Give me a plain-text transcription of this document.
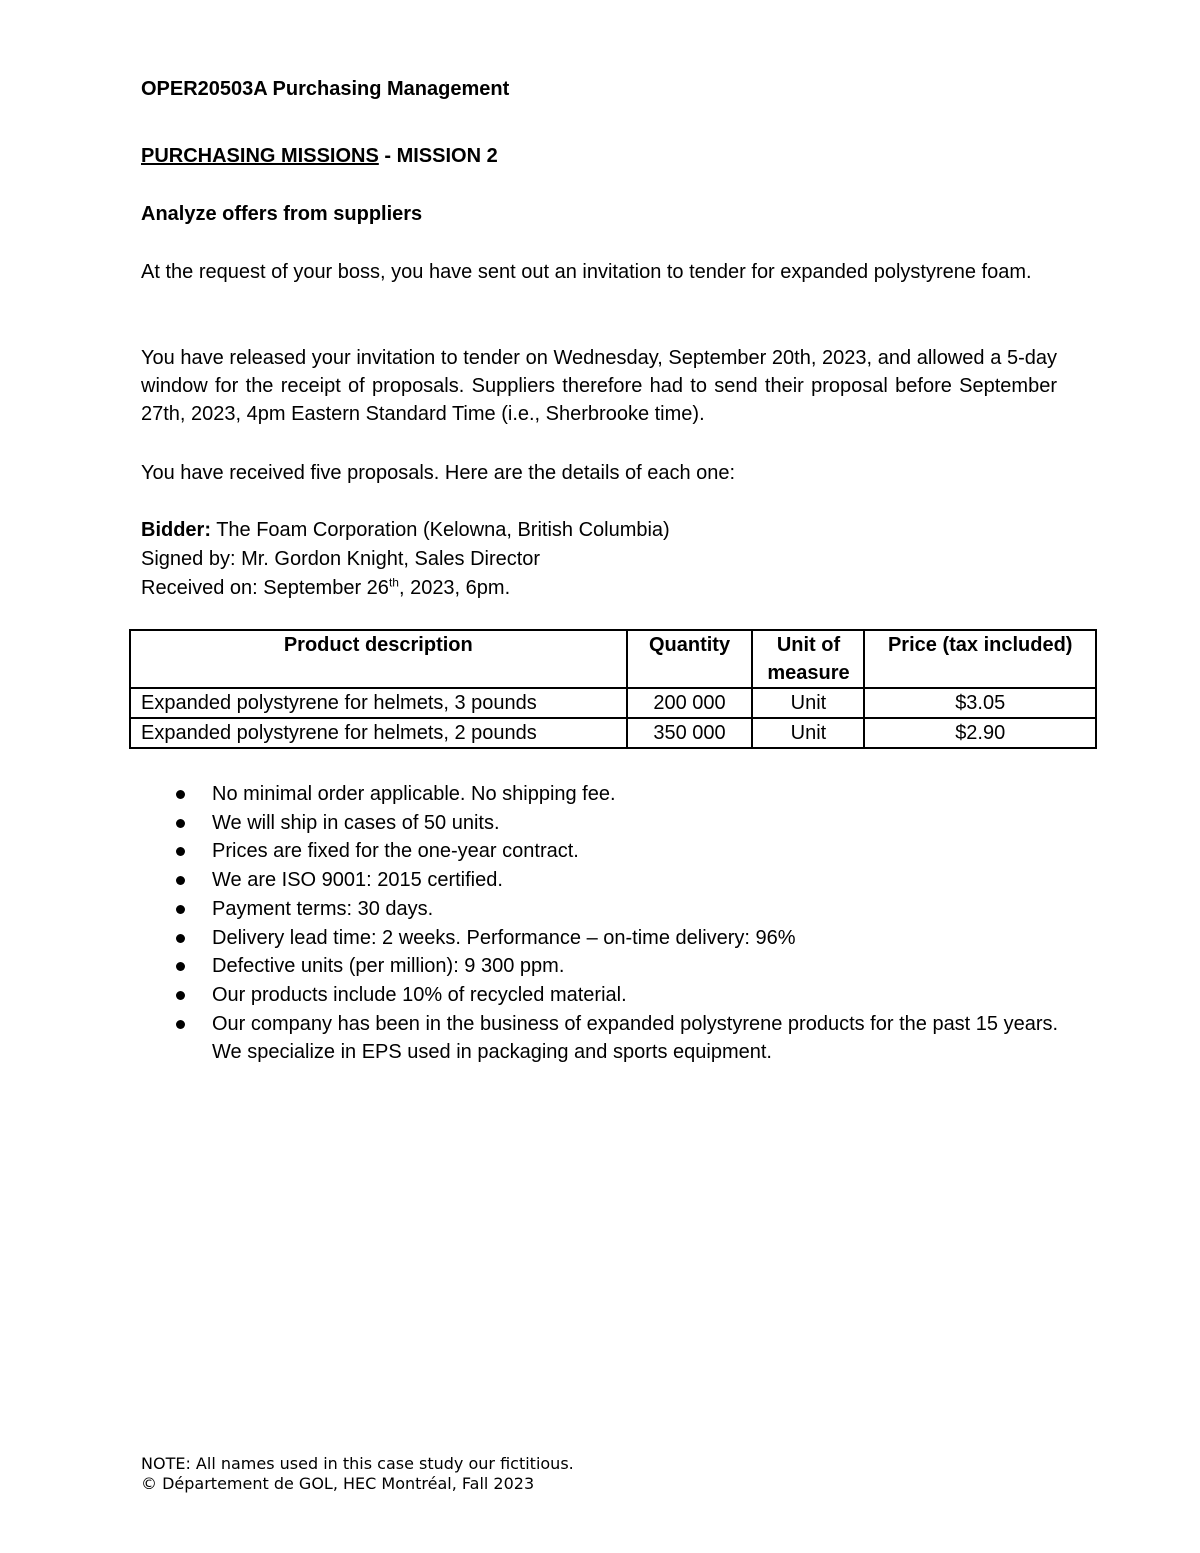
OPER20503A Purchasing Management
PURCHASING MISSIONS - MISSION 2
Analyze offers from suppliers
At the request of your boss, you have sent out an invitation to tender for expanded polystyrene foam.
You have released your invitation to tender on Wednesday, September 20th, 2023, and allowed a 5-day window for the receipt of proposals. Suppliers therefore had to send their proposal before September 27th, 2023, 4pm Eastern Standard Time (i.e., Sherbrooke time).
You have received five proposals. Here are the details of each one:
Bidder: The Foam Corporation (Kelowna, British Columbia)
Signed by: Mr. Gordon Knight, Sales Director
Received on: September 26th, 2023, 6pm.
Product description	Quantity	Unit of measure	Price (tax included)
Expanded polystyrene for helmets, 3 pounds	200 000	Unit	$3.05
Expanded polystyrene for helmets, 2 pounds	350 000	Unit	$2.90
No minimal order applicable. No shipping fee.
We will ship in cases of 50 units.
Prices are fixed for the one-year contract.
We are ISO 9001: 2015 certified.
Payment terms: 30 days.
Delivery lead time: 2 weeks. Performance – on-time delivery: 96%
Defective units (per million): 9 300 ppm.
Our products include 10% of recycled material.
Our company has been in the business of expanded polystyrene products for the past 15 years. We specialize in EPS used in packaging and sports equipment.
NOTE: All names used in this case study our fictitious.
© Département de GOL, HEC Montréal, Fall 2023
